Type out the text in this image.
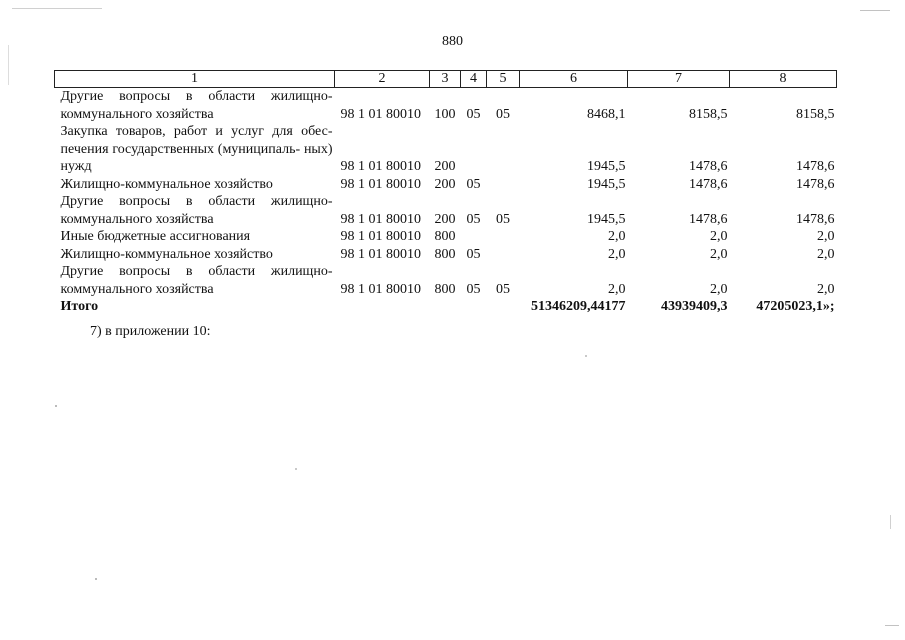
880
1	2	3	4	5	6	7	8
Другие вопросы в области жилищно- коммунального хозяйства	98 1 01 80010	100	05	05	8468,1	8158,5	8158,5
Закупка товаров, работ и услуг для обес- печения государственных (муниципаль- ных) нужд	98 1 01 80010	200			1945,5	1478,6	1478,6
Жилищно-коммунальное хозяйство	98 1 01 80010	200	05		1945,5	1478,6	1478,6
Другие вопросы в области жилищно- коммунального хозяйства	98 1 01 80010	200	05	05	1945,5	1478,6	1478,6
Иные бюджетные ассигнования	98 1 01 80010	800			2,0	2,0	2,0
Жилищно-коммунальное хозяйство	98 1 01 80010	800	05		2,0	2,0	2,0
Другие вопросы в области жилищно- коммунального хозяйства	98 1 01 80010	800	05	05	2,0	2,0	2,0
Итого					51346209,44177	43939409,3	47205023,1»;
7) в приложении 10:
